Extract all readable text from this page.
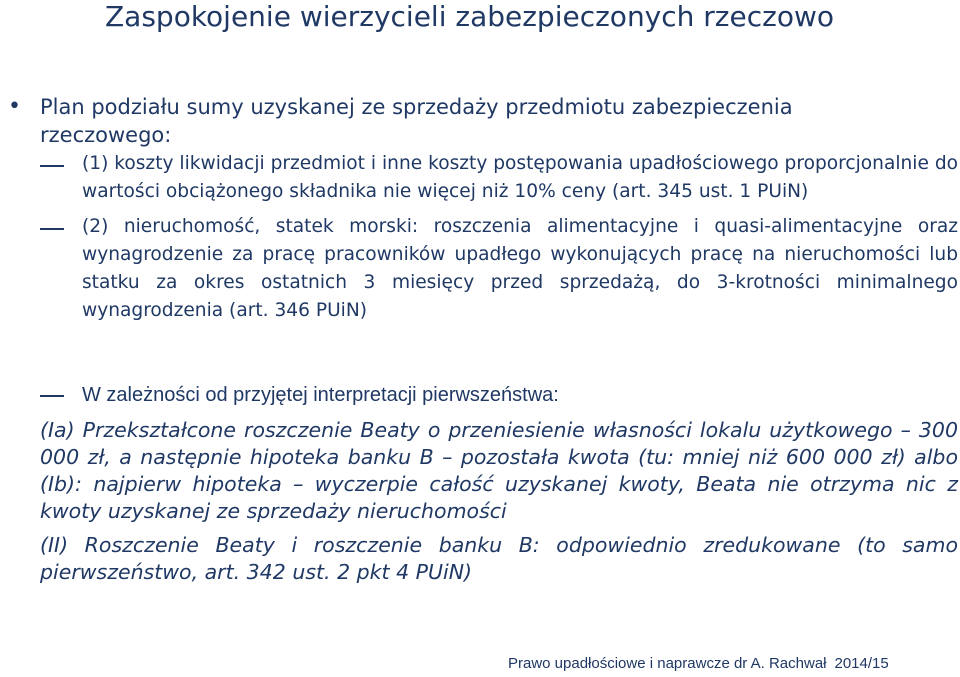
Zaspokojenie wierzycieli zabezpieczonych rzeczowo
• Plan podziału sumy uzyskanej ze sprzedaży przedmiotu zabezpieczenia rzeczowego:
(1) koszty likwidacji przedmiot i inne koszty postępowania upadłościowego proporcjonalnie do wartości obciążonego składnika nie więcej niż 10% ceny (art. 345 ust. 1 PUiN)
(2) nieruchomość, statek morski: roszczenia alimentacyjne i quasi-alimentacyjne oraz wynagrodzenie za pracę pracowników upadłego wykonujących pracę na nieruchomości lub statku za okres ostatnich 3 miesięcy przed sprzedażą, do 3-krotności minimalnego wynagrodzenia (art. 346 PUiN)
W zależności od przyjętej interpretacji pierwszeństwa:
(Ia) Przekształcone roszczenie Beaty o przeniesienie własności lokalu użytkowego – 300 000 zł, a następnie hipoteka banku B – pozostała kwota (tu: mniej niż 600 000 zł) albo (Ib): najpierw hipoteka – wyczerpie całość uzyskanej kwoty, Beata nie otrzyma nic z kwoty uzyskanej ze sprzedaży nieruchomości
(II) Roszczenie Beaty i roszczenie banku B: odpowiednio zredukowane (to samo pierwszeństwo, art. 342 ust. 2 pkt 4 PUiN)
Prawo upadłościowe i naprawcze dr A. Rachwał 2014/15
